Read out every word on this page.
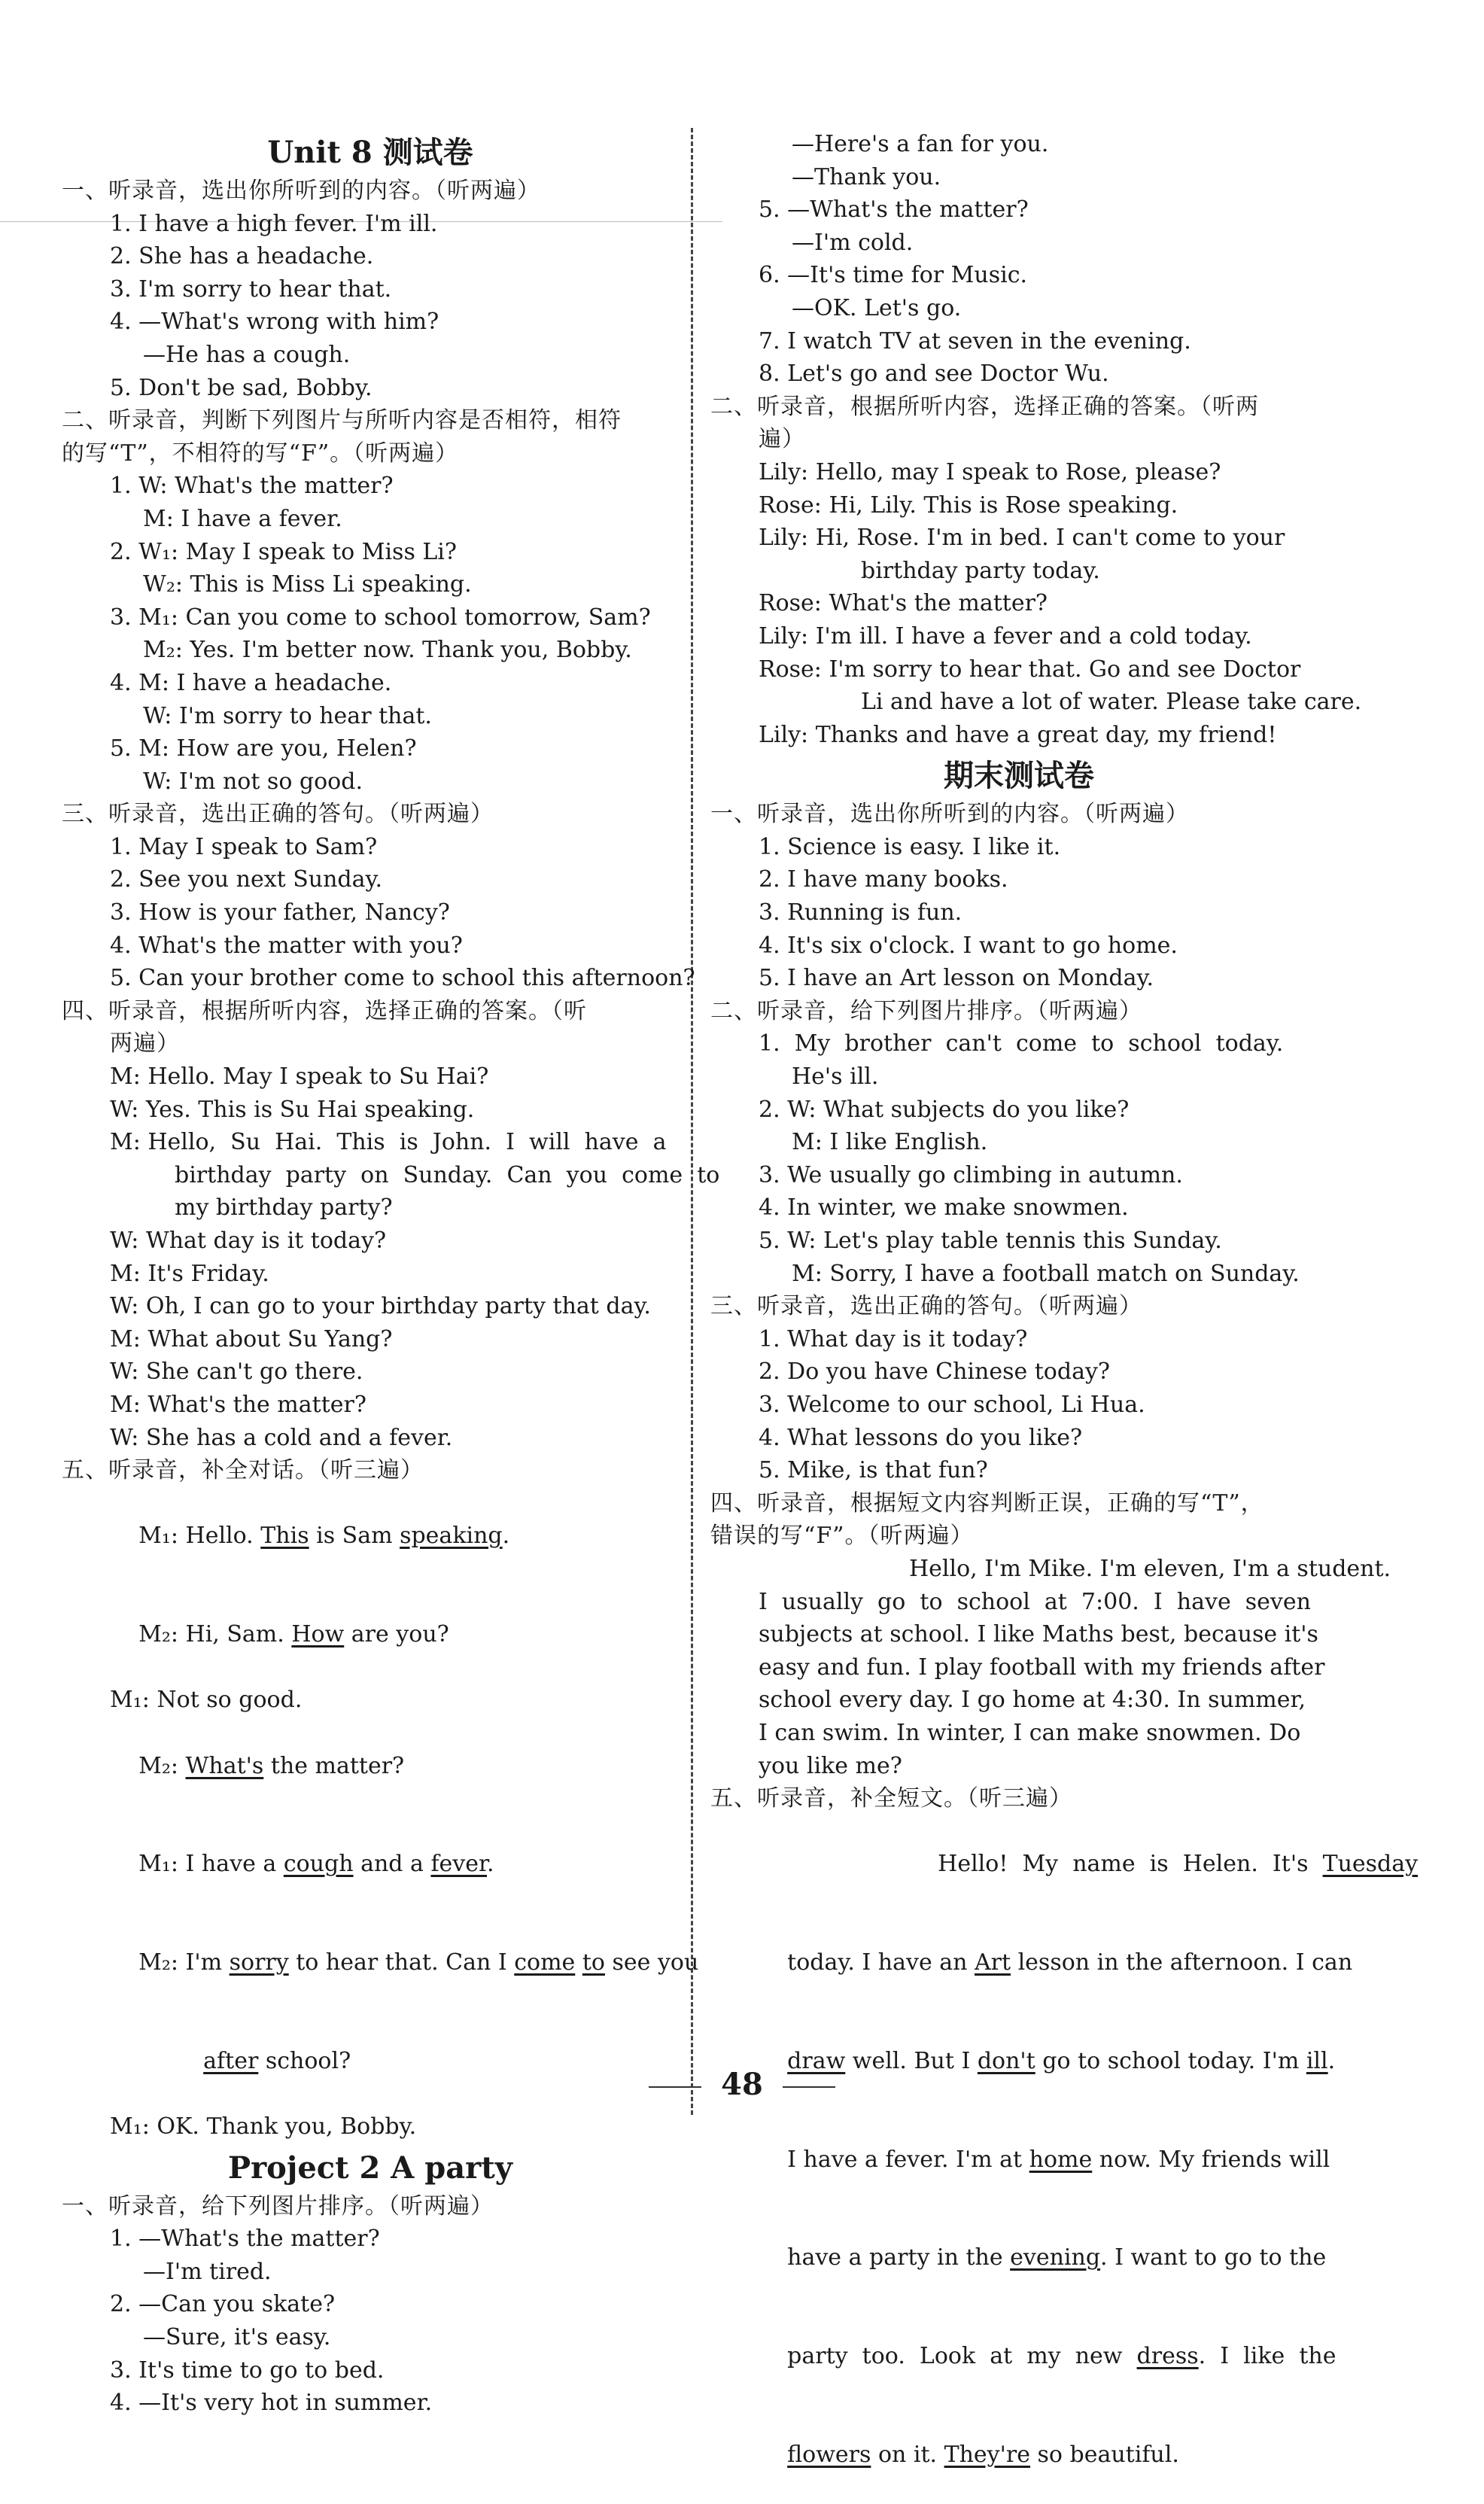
Unit 8 测试卷
一、听录音，选出你所听到的内容。（听两遍）
1. I have a high fever. I'm ill.
2. She has a headache.
3. I'm sorry to hear that.
4. —What's wrong with him?
—He has a cough.
5. Don't be sad, Bobby.
二、听录音，判断下列图片与所听内容是否相符，相符
的写“T”，不相符的写“F”。（听两遍）
1. W: What's the matter?
M: I have a fever.
2. W₁: May I speak to Miss Li?
W₂: This is Miss Li speaking.
3. M₁: Can you come to school tomorrow, Sam?
M₂: Yes. I'm better now. Thank you, Bobby.
4. M: I have a headache.
W: I'm sorry to hear that.
5. M: How are you, Helen?
W: I'm not so good.
三、听录音，选出正确的答句。（听两遍）
1. May I speak to Sam?
2. See you next Sunday.
3. How is your father, Nancy?
4. What's the matter with you?
5. Can your brother come to school this afternoon?
四、听录音，根据所听内容，选择正确的答案。（听
两遍）
M: Hello. May I speak to Su Hai?
W: Yes. This is Su Hai speaking.
M: Hello,  Su  Hai.  This  is  John.  I  will  have  a
birthday  party  on  Sunday.  Can  you  come  to
my birthday party?
W: What day is it today?
M: It's Friday.
W: Oh, I can go to your birthday party that day.
M: What about Su Yang?
W: She can't go there.
M: What's the matter?
W: She has a cold and a fever.
五、听录音，补全对话。（听三遍）

M₁: Hello. This is Sam speaking.

M₂: Hi, Sam. How are you?

M₁: Not so good.

M₂: What's the matter?

M₁: I have a cough and a fever.

M₂: I'm sorry to hear that. Can I come to see you

after school?

M₁: OK. Thank you, Bobby.
Project 2 A party
一、听录音，给下列图片排序。（听两遍）
1. —What's the matter?
—I'm tired.
2. —Can you skate?
—Sure, it's easy.
3. It's time to go to bed.
4. —It's very hot in summer.
—Here's a fan for you.
—Thank you.
5. —What's the matter?
—I'm cold.
6. —It's time for Music.
—OK. Let's go.
7. I watch TV at seven in the evening.
8. Let's go and see Doctor Wu.
二、听录音，根据所听内容，选择正确的答案。（听两
遍）
Lily: Hello, may I speak to Rose, please?
Rose: Hi, Lily. This is Rose speaking.
Lily: Hi, Rose. I'm in bed. I can't come to your
birthday party today.
Rose: What's the matter?
Lily: I'm ill. I have a fever and a cold today.
Rose: I'm sorry to hear that. Go and see Doctor
Li and have a lot of water. Please take care.
Lily: Thanks and have a great day, my friend!
期末测试卷
一、听录音，选出你所听到的内容。（听两遍）
1. Science is easy. I like it.
2. I have many books.
3. Running is fun.
4. It's six o'clock. I want to go home.
5. I have an Art lesson on Monday.
二、听录音，给下列图片排序。（听两遍）
1.  My  brother  can't  come  to  school  today.
He's ill.
2. W: What subjects do you like?
M: I like English.
3. We usually go climbing in autumn.
4. In winter, we make snowmen.
5. W: Let's play table tennis this Sunday.
M: Sorry, I have a football match on Sunday.
三、听录音，选出正确的答句。（听两遍）
1. What day is it today?
2. Do you have Chinese today?
3. Welcome to our school, Li Hua.
4. What lessons do you like?
5. Mike, is that fun?
四、听录音，根据短文内容判断正误，正确的写“T”，
错误的写“F”。（听两遍）
Hello, I'm Mike. I'm eleven, I'm a student.
I  usually  go  to  school  at  7:00.  I  have  seven
subjects at school. I like Maths best, because it's
easy and fun. I play football with my friends after
school every day. I go home at 4:30. In summer,
I can swim. In winter, I can make snowmen. Do
you like me?
五、听录音，补全短文。（听三遍）

Hello!  My  name  is  Helen.  It's  Tuesday

today. I have an Art lesson in the afternoon. I can

draw well. But I don't go to school today. I'm ill.

I have a fever. I'm at home now. My friends will

have a party in the evening. I want to go to the

party  too.  Look  at  my  new  dress.  I  like  the

flowers on it. They're so beautiful.

48
